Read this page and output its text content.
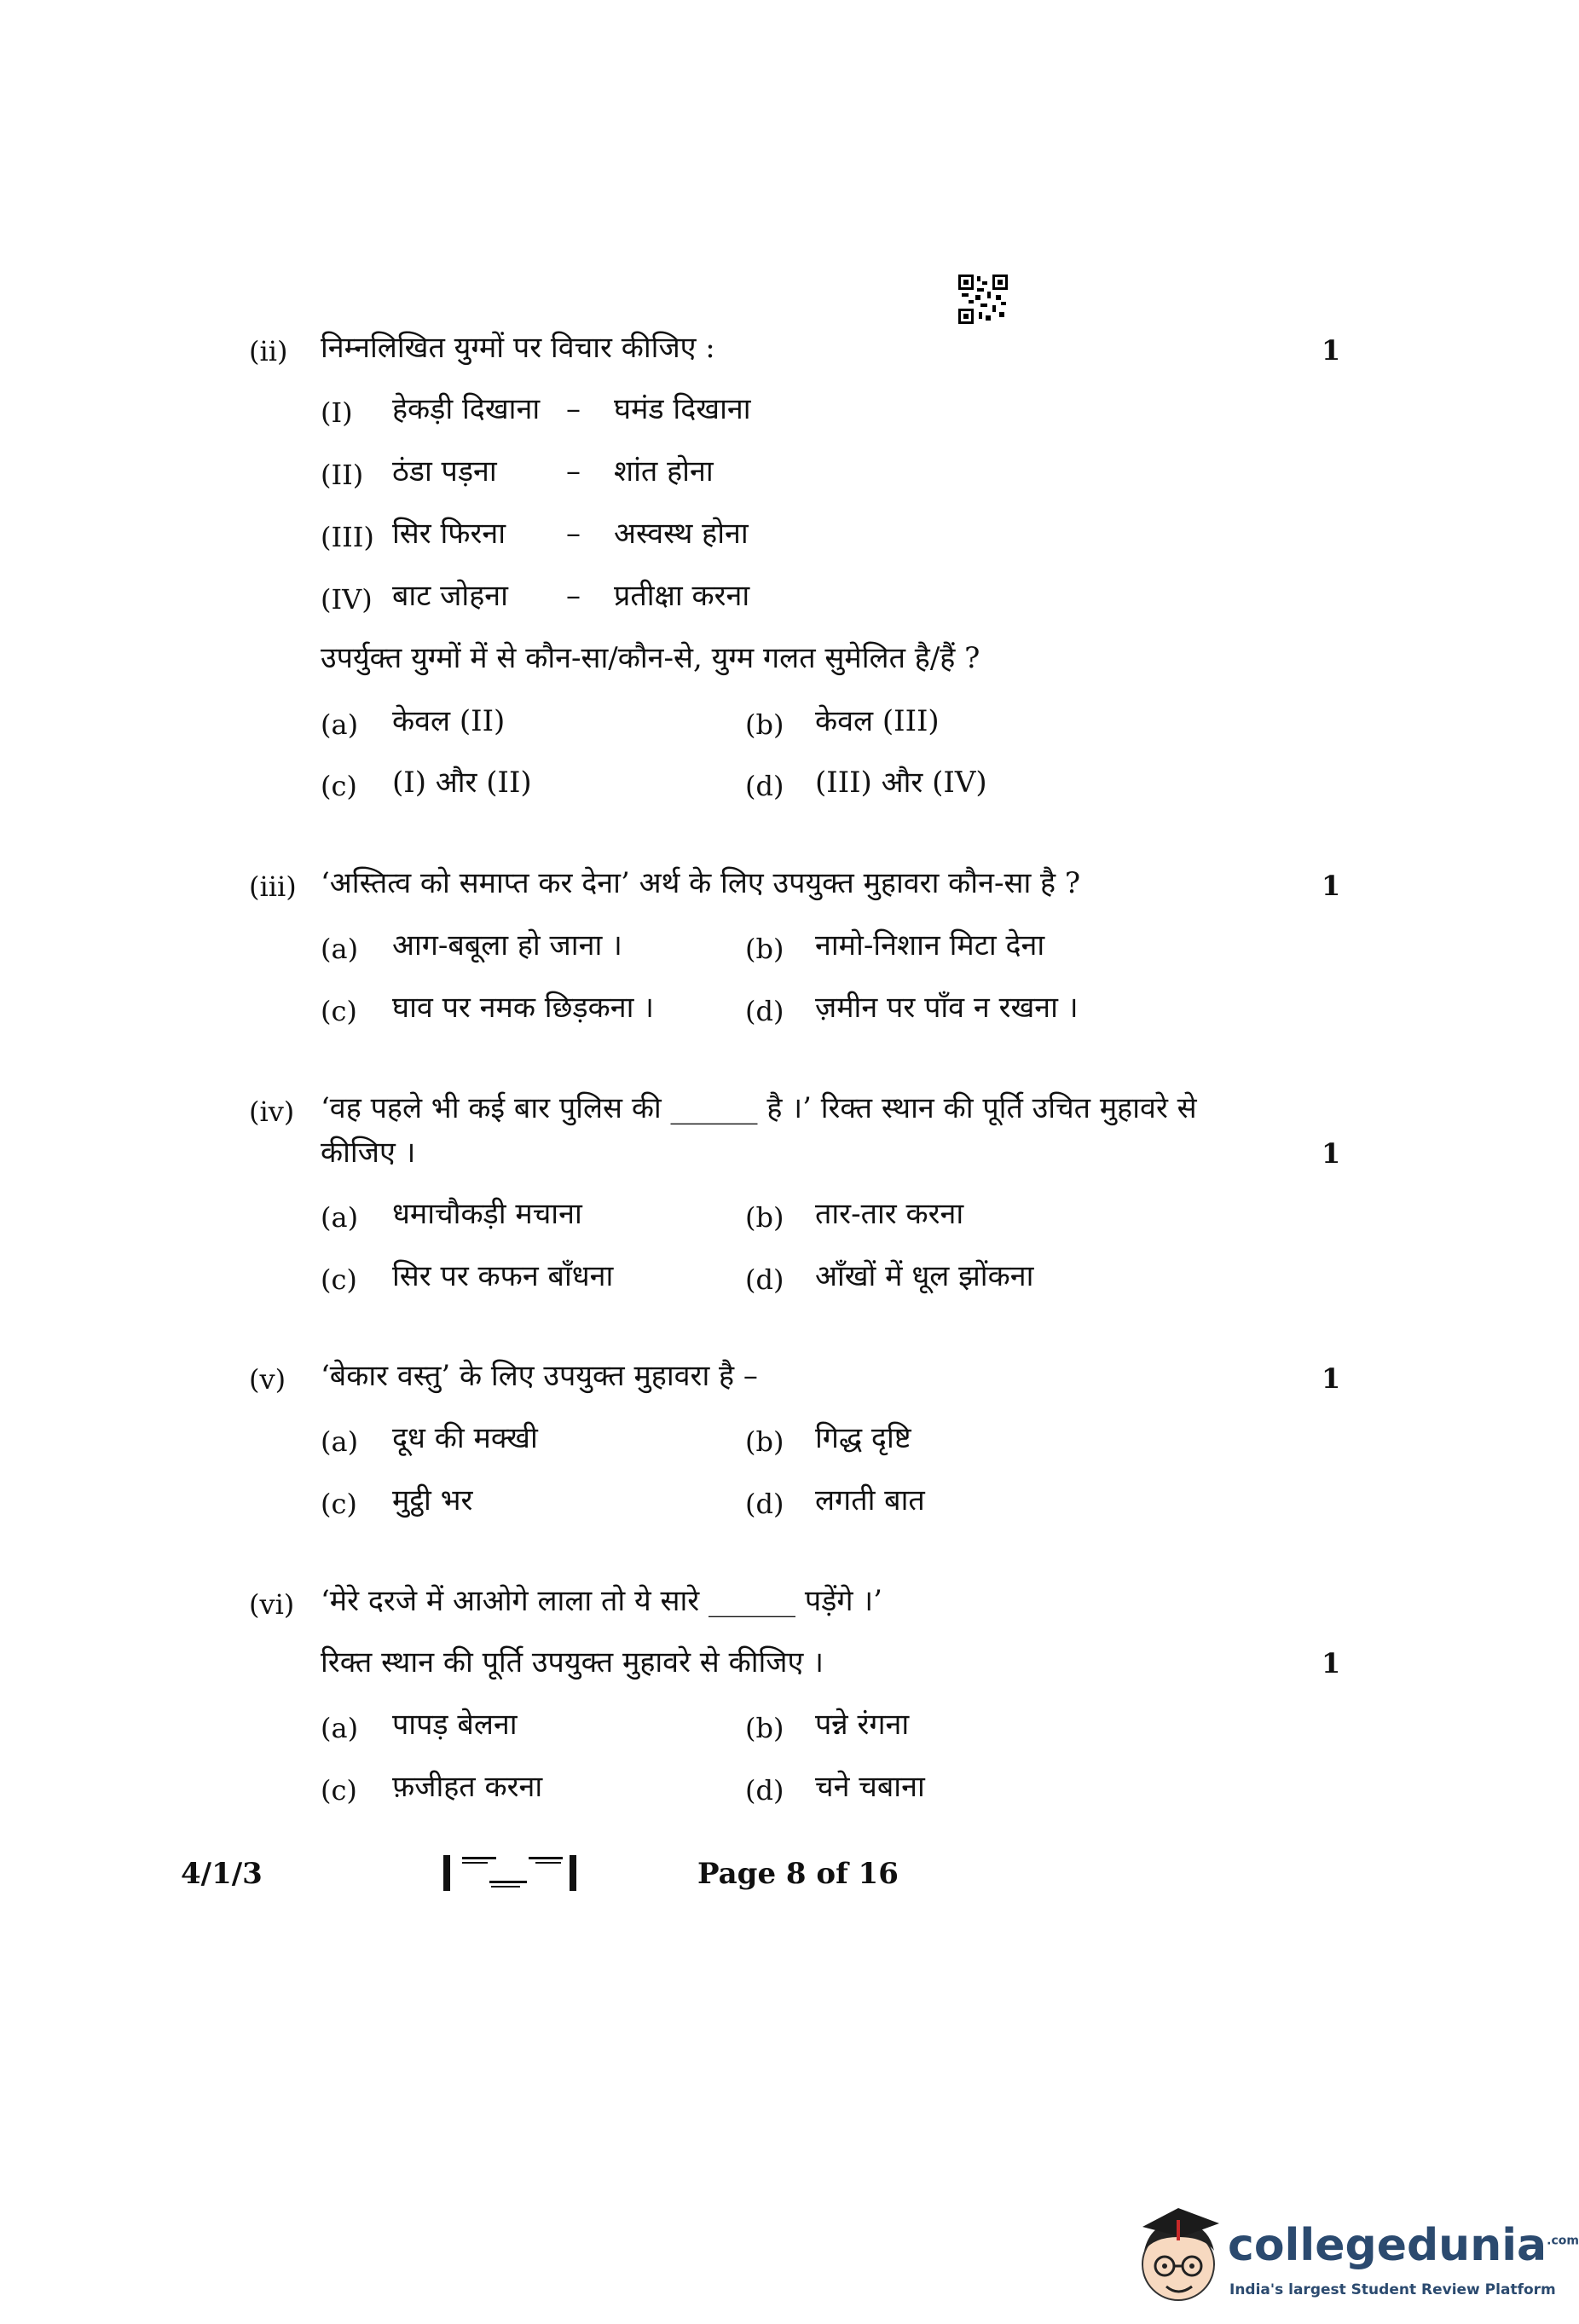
(ii) निम्नलिखित युग्मों पर विचार कीजिए :	1
(I) हेकड़ी दिखाना – घमंड दिखाना
(II) ठंडा पड़ना – शांत होना
(III) सिर फिरना – अस्वस्थ होना
(IV) बाट जोहना – प्रतीक्षा करना
उपर्युक्त युग्मों में से कौन-सा/कौन-से, युग्म गलत सुमेलित है/हैं ?
(a) केवल (II)	(b) केवल (III)
(c) (I) और (II)	(d) (III) और (IV)
(iii) ‘अस्तित्व को समाप्त कर देना’ अर्थ के लिए उपयुक्त मुहावरा कौन-सा है ?	1
(a) आग-बबूला हो जाना ।	(b) नामो-निशान मिटा देना
(c) घाव पर नमक छिड़कना ।	(d) ज़मीन पर पाँव न रखना ।
(iv) ‘वह पहले भी कई बार पुलिस की ______ है ।’ रिक्त स्थान की पूर्ति उचित मुहावरे से
कीजिए ।	1
(a) धमाचौकड़ी मचाना	(b) तार-तार करना
(c) सिर पर कफन बाँधना	(d) आँखों में धूल झोंकना
(v) ‘बेकार वस्तु’ के लिए उपयुक्त मुहावरा है –	1
(a) दूध की मक्खी	(b) गिद्ध दृष्टि
(c) मुट्ठी भर	(d) लगती बात
(vi) ‘मेरे दरजे में आओगे लाला तो ये सारे ______ पड़ेंगे ।’
रिक्त स्थान की पूर्ति उपयुक्त मुहावरे से कीजिए ।	1
(a) पापड़ बेलना	(b) पन्ने रंगना
(c) फ़जीहत करना	(d) चने चबाना
4/1/3	Page 8 of 16
collegedunia$^{.com}$
India's largest Student Review Platform
